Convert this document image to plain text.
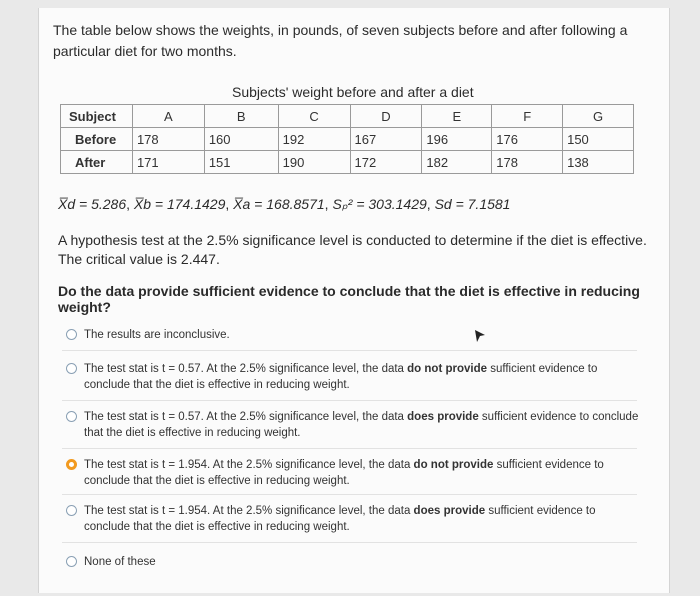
The table below shows the weights, in pounds, of seven subjects before and after following a particular diet for two months.
Subjects' weight before and after a diet
Subject	A	B	C	D	E	F	G
Before	178	160	192	167	196	176	150
After	171	151	190	172	182	178	138
X̅d = 5.286, X̅b = 174.1429, X̅a = 168.8571, Sₚ² = 303.1429, Sd = 7.1581
A hypothesis test at the 2.5% significance level is conducted to determine if the diet is effective. The critical value is 2.447.
Do the data provide sufficient evidence to conclude that the diet is effective in reducing weight?
The results are inconclusive.
The test stat is t = 0.57. At the 2.5% significance level, the data do not provide sufficient evidence to conclude that the diet is effective in reducing weight.
The test stat is t = 0.57. At the 2.5% significance level, the data does provide sufficient evidence to conclude that the diet is effective in reducing weight.
The test stat is t = 1.954. At the 2.5% significance level, the data do not provide sufficient evidence to conclude that the diet is effective in reducing weight.
The test stat is t = 1.954. At the 2.5% significance level, the data does provide sufficient evidence to conclude that the diet is effective in reducing weight.
None of these
